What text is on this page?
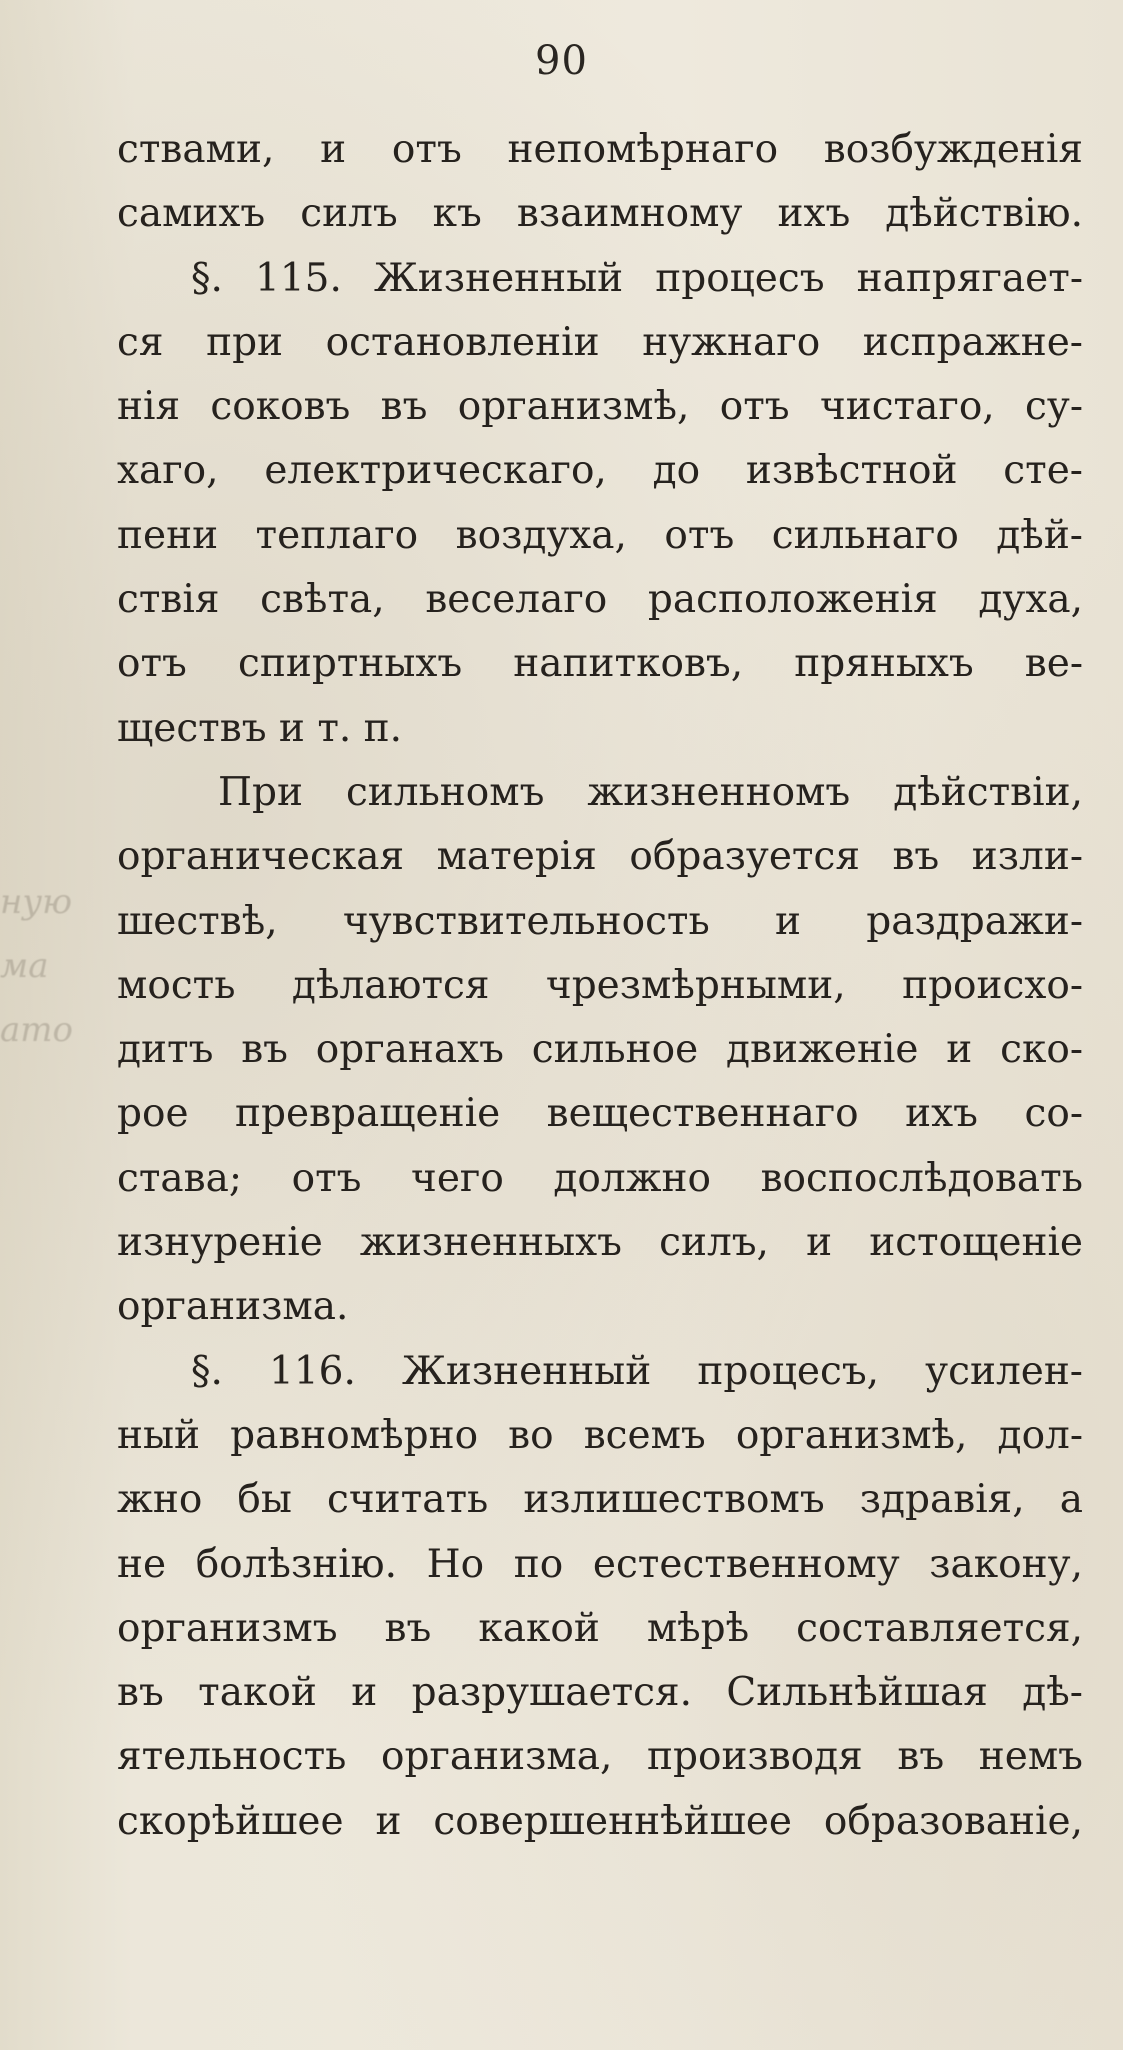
ную
ма
ато
90
ствами, и отъ непомѣрнаго возбужденія
самихъ силъ къ взаимному ихъ дѣйствію.
§. 115. Жизненный процесъ напрягает-
ся при остановленіи нужнаго испражне-
нія соковъ въ организмѣ, отъ чистаго, су-
хаго, електрическаго, до извѣстной сте-
пени теплаго воздуха, отъ сильнаго дѣй-
ствія свѣта, веселаго расположенія духа,
отъ спиртныхъ напитковъ, пряныхъ ве-
ществъ и т. п.
При сильномъ жизненномъ дѣйствіи,
органическая матерія образуется въ изли-
шествѣ, чувствительность и раздражи-
мость дѣлаются чрезмѣрными, происхо-
дитъ въ органахъ сильное движеніе и ско-
рое превращеніе вещественнаго ихъ со-
става; отъ чего должно воспослѣдовать
изнуреніе жизненныхъ силъ, и истощеніе
организма.
§. 116. Жизненный процесъ, усилен-
ный равномѣрно во всемъ организмѣ, дол-
жно бы считать излишествомъ здравія, а
не болѣзнію. Но по естественному закону,
организмъ въ какой мѣрѣ составляется,
въ такой и разрушается. Сильнѣйшая дѣ-
ятельность организма, производя въ немъ
скорѣйшее и совершеннѣйшее образованіе,
